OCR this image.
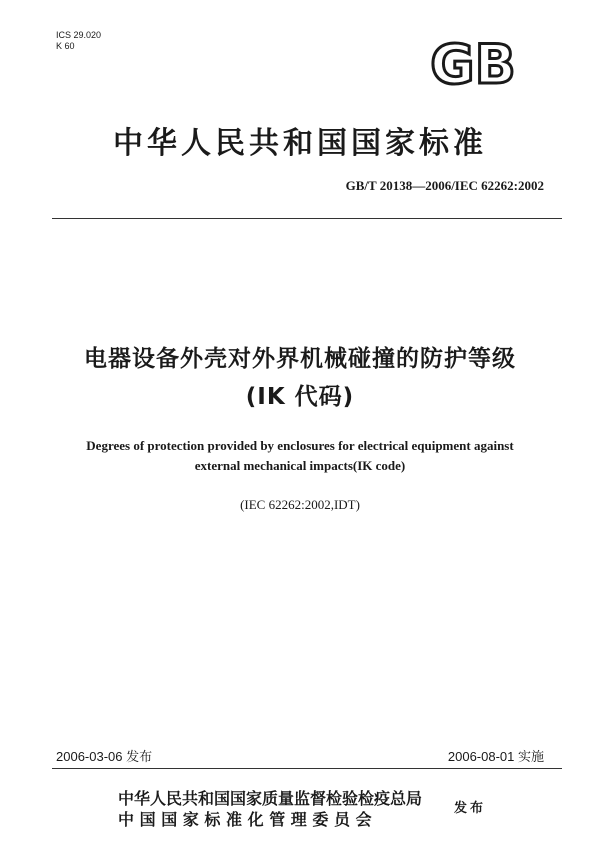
ICS 29.020
K 60	GB
中华人民共和国国家标准
GB/T 20138—2006/IEC 62262:2002
电器设备外壳对外界机械碰撞的防护等级
(IK 代码)
Degrees of protection provided by enclosures for electrical equipment against
external mechanical impacts(IK code)
(IEC 62262:2002,IDT)
2006-03-06 发布	2006-08-01 实施
中华人民共和国国家质量监督检验检疫总局
中国国家标准化管理委员会
发布
